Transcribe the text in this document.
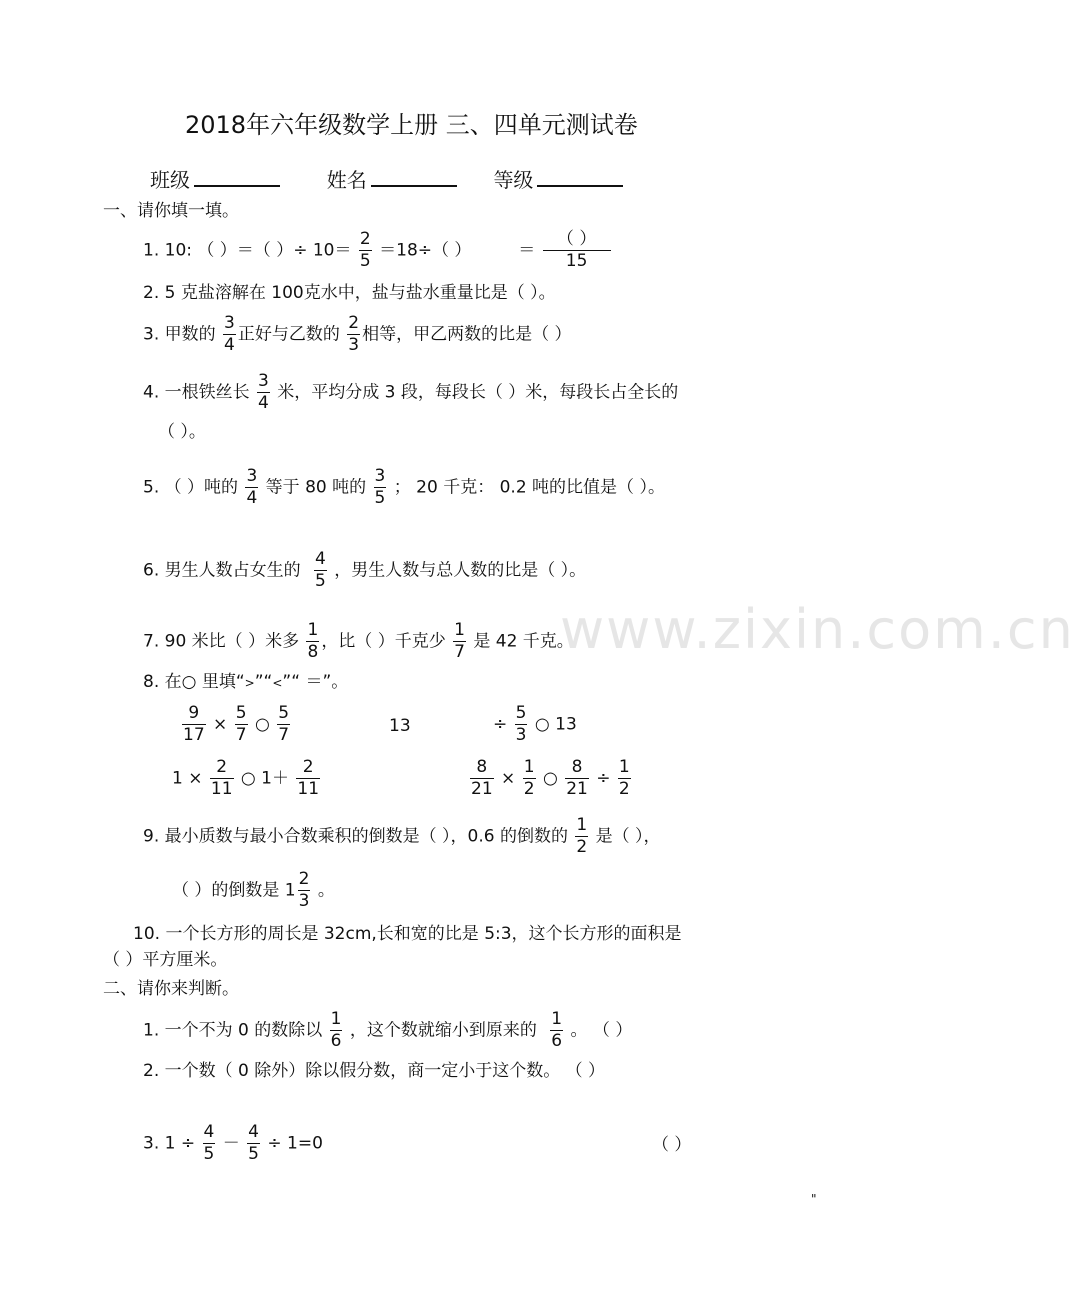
www.zixin.com.cn
2018年六年级数学上册 三、四单元测试卷
班级	姓名	等级
一、请你填一填。
1. 10: （ ）＝（ ）÷ $10= \frac{2}{5} =18\div$（ ）	＝ $\frac{( )}{15}$
2. 5 克盐溶解在 100克水中，盐与盐水重量比是（ ）。
3. 甲数的 $\frac{3}{4}$ 正好与乙数的 $\frac{2}{3}$ 相等，甲乙两数的比是（ ）
4. 一根铁丝长 $\frac{3}{4}$ 米，平均分成 3 段，每段长（ ）米，每段长占全长的
（ ）。
5. （ ）吨的 $\frac{3}{4}$ 等于 80 吨的 $\frac{3}{5}$ ； 20 千克： 0.2 吨的比值是（ ）。
6. 男生人数占女生的 $\frac{4}{5}$ ，男生人数与总人数的比是（ ）。
7. 90 米比（ ）米多 $\frac{1}{8}$ ，比（ ）千克少 $\frac{1}{7}$ 是 42 千克。
8. 在○ 里填“>”“<”“ ＝”。
$\frac{9}{17} \times \frac{5}{7}$ ○ $\frac{5}{7}$	13	÷ $\frac{5}{3}$ ○ 13
$1 \times \frac{2}{11}$ ○ $1+ \frac{2}{11}$	$\frac{8}{21} \times \frac{1}{2}$ ○ $\frac{8}{21} \div \frac{1}{2}$
9. 最小质数与最小合数乘积的倒数是（ ），0.6 的倒数的 $\frac{1}{2}$ 是（ ），
（ ）的倒数是 $1 \frac{2}{3}$ 。
10. 一个长方形的周长是 32cm,长和宽的比是 5:3，这个长方形的面积是
（ ）平方厘米。
二、请你来判断。
1. 一个不为 0 的数除以 $\frac{1}{6}$ ，这个数就缩小到原来的 $\frac{1}{6}$ 。 （ ）
2. 一个数（ 0 除外）除以假分数，商一定小于这个数。 （ ）
3. $1 \div \frac{4}{5} - \frac{4}{5} \div 1=0$	（ ）
"
